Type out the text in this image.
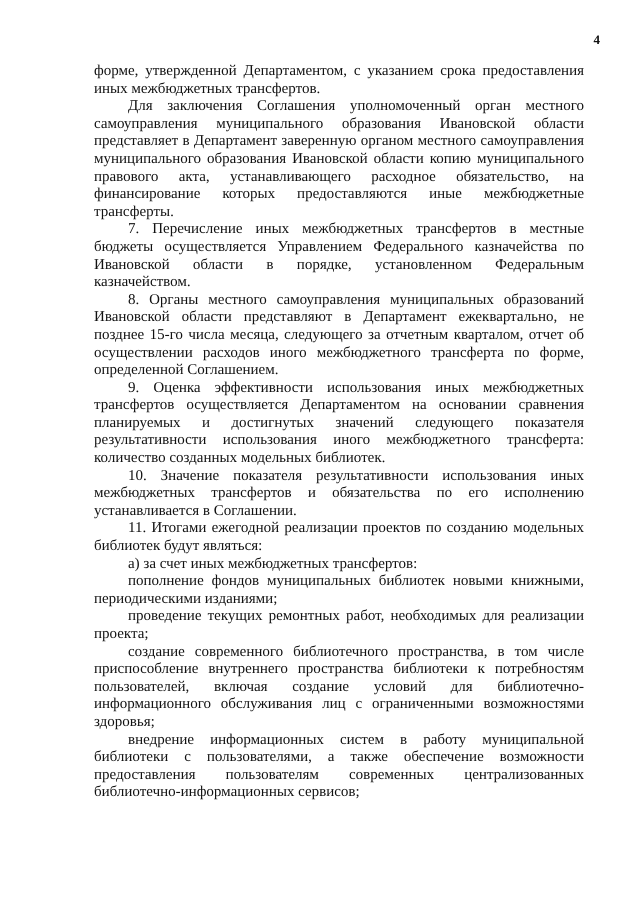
4

форме, утвержденной Департаментом, с указанием срока предоставления иных межбюджетных трансфертов.

Для заключения Соглашения уполномоченный орган местного самоуправления муниципального образования Ивановской области представляет в Департамент заверенную органом местного самоуправления муниципального образования Ивановской области копию муниципального правового акта, устанавливающего расходное обязательство, на финансирование которых предоставляются иные межбюджетные трансферты.

7. Перечисление иных межбюджетных трансфертов в местные бюджеты осуществляется Управлением Федерального казначейства по Ивановской области в порядке, установленном Федеральным казначейством.

8. Органы местного самоуправления муниципальных образований Ивановской области представляют в Департамент ежеквартально, не позднее 15-го числа месяца, следующего за отчетным кварталом, отчет об осуществлении расходов иного межбюджетного трансферта по форме, определенной Соглашением.

9. Оценка эффективности использования иных межбюджетных трансфертов осуществляется Департаментом на основании сравнения планируемых и достигнутых значений следующего показателя результативности использования иного межбюджетного трансферта: количество созданных модельных библиотек.

10. Значение показателя результативности использования иных межбюджетных трансфертов и обязательства по его исполнению устанавливается в Соглашении.

11. Итогами ежегодной реализации проектов по созданию модельных библиотек будут являться:

а) за счет иных межбюджетных трансфертов:

пополнение фондов муниципальных библиотек новыми книжными, периодическими изданиями;

проведение текущих ремонтных работ, необходимых для реализации проекта;

создание современного библиотечного пространства, в том числе приспособление внутреннего пространства библиотеки к потребностям пользователей, включая создание условий для библиотечно-информационного обслуживания лиц с ограниченными возможностями здоровья;

внедрение информационных систем в работу муниципальной библиотеки с пользователями, а также обеспечение возможности предоставления пользователям современных централизованных библиотечно-информационных сервисов;
